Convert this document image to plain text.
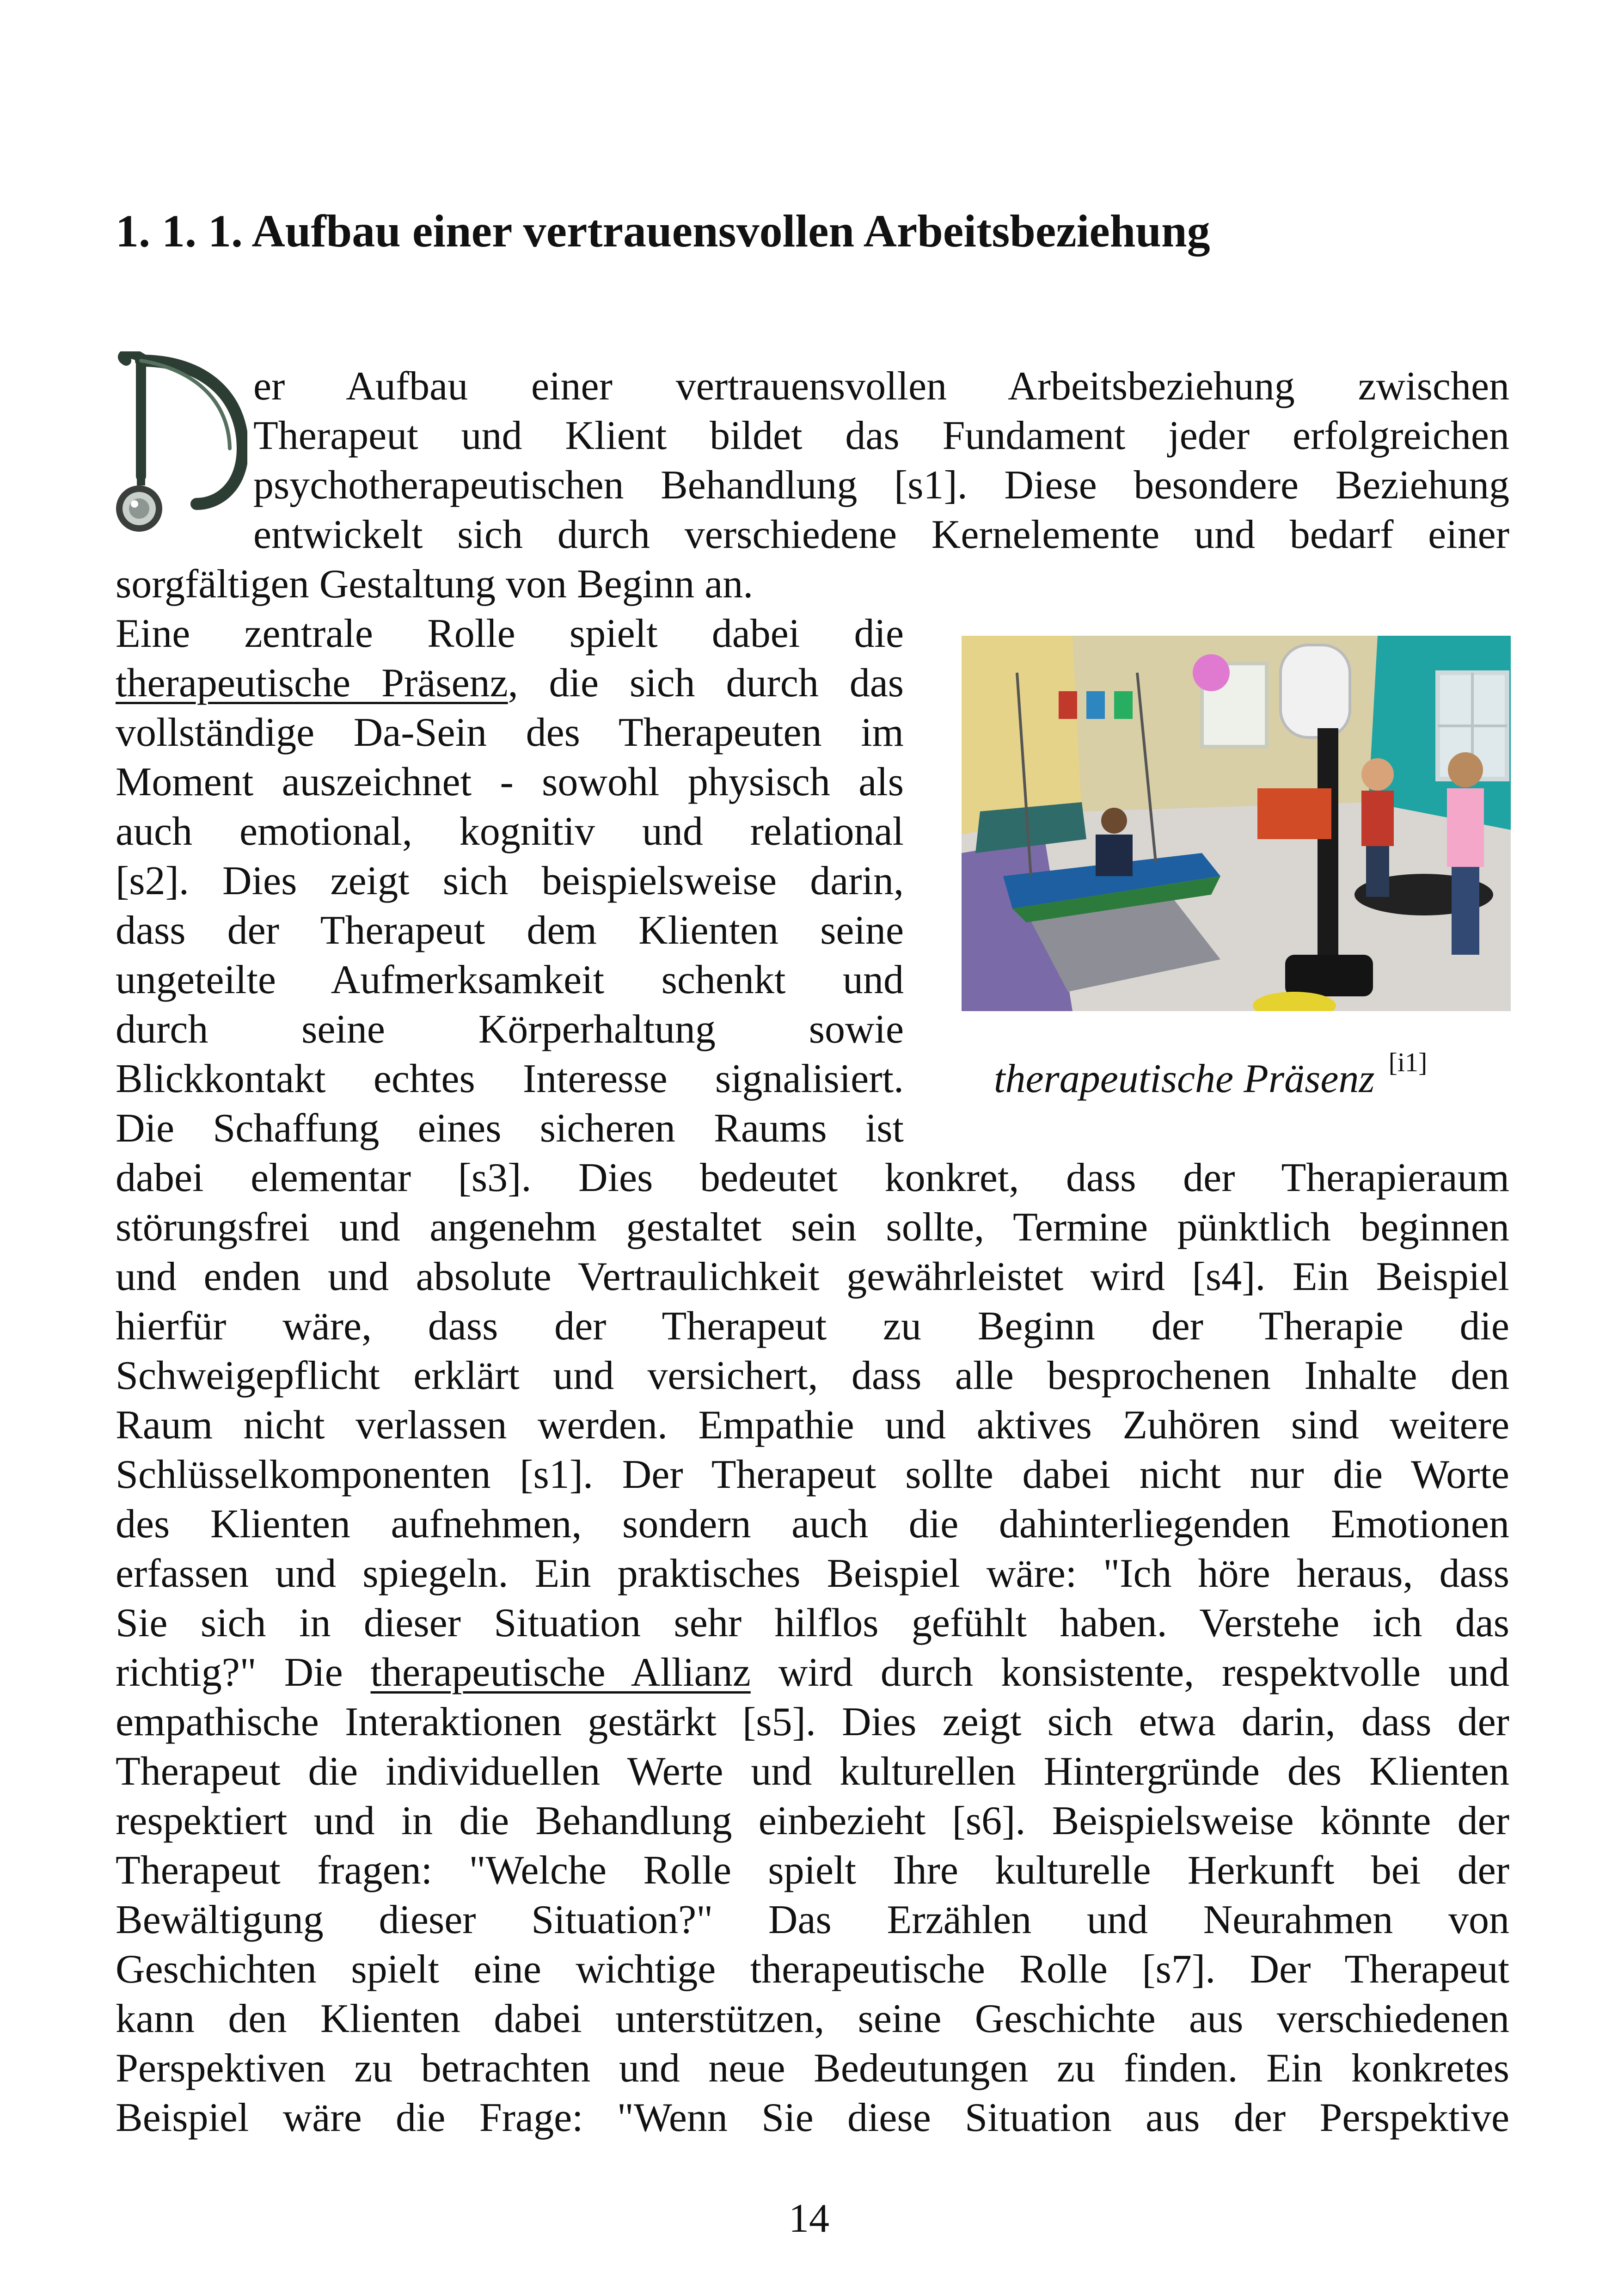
1. 1. 1. Aufbau einer vertrauensvollen Arbeitsbeziehung
er Aufbau einer vertrauensvollen Arbeitsbeziehung zwischen
Therapeut und Klient bildet das Fundament jeder erfolgreichen
psychotherapeutischen Behandlung [s1]. Diese besondere Beziehung
entwickelt sich durch verschiedene Kernelemente und bedarf einer
sorgfältigen Gestaltung von Beginn an.
Eine zentrale Rolle spielt dabei die
therapeutische Präsenz, die sich durch das
vollständige Da-Sein des Therapeuten im
Moment auszeichnet - sowohl physisch als
auch emotional, kognitiv und relational
[s2]. Dies zeigt sich beispielsweise darin,
dass der Therapeut dem Klienten seine
ungeteilte Aufmerksamkeit schenkt und
durch seine Körperhaltung sowie
Blickkontakt echtes Interesse signalisiert.
Die Schaffung eines sicheren Raums ist
therapeutische Präsenz [i1]
dabei elementar [s3]. Dies bedeutet konkret, dass der Therapieraum
störungsfrei und angenehm gestaltet sein sollte, Termine pünktlich beginnen
und enden und absolute Vertraulichkeit gewährleistet wird [s4]. Ein Beispiel
hierfür wäre, dass der Therapeut zu Beginn der Therapie die
Schweigepflicht erklärt und versichert, dass alle besprochenen Inhalte den
Raum nicht verlassen werden. Empathie und aktives Zuhören sind weitere
Schlüsselkomponenten [s1]. Der Therapeut sollte dabei nicht nur die Worte
des Klienten aufnehmen, sondern auch die dahinterliegenden Emotionen
erfassen und spiegeln. Ein praktisches Beispiel wäre: "Ich höre heraus, dass
Sie sich in dieser Situation sehr hilflos gefühlt haben. Verstehe ich das
richtig?" Die therapeutische Allianz wird durch konsistente, respektvolle und
empathische Interaktionen gestärkt [s5]. Dies zeigt sich etwa darin, dass der
Therapeut die individuellen Werte und kulturellen Hintergründe des Klienten
respektiert und in die Behandlung einbezieht [s6]. Beispielsweise könnte der
Therapeut fragen: "Welche Rolle spielt Ihre kulturelle Herkunft bei der
Bewältigung dieser Situation?" Das Erzählen und Neurahmen von
Geschichten spielt eine wichtige therapeutische Rolle [s7]. Der Therapeut
kann den Klienten dabei unterstützen, seine Geschichte aus verschiedenen
Perspektiven zu betrachten und neue Bedeutungen zu finden. Ein konkretes
Beispiel wäre die Frage: "Wenn Sie diese Situation aus der Perspektive
14
